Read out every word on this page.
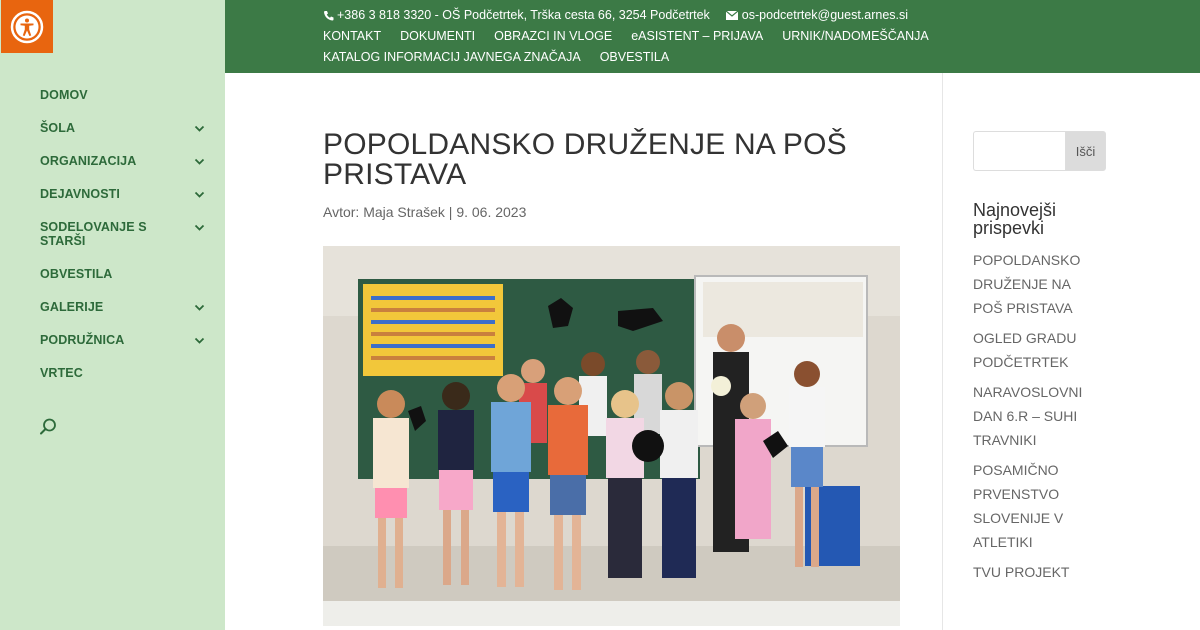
DOMOV
ŠOLA
ORGANIZACIJA
DEJAVNOSTI
SODELOVANJE S STARŠI
OBVESTILA
GALERIJE
PODRUŽNICA
VRTEC
+386 3 818 3320 - OŠ Podčetrtek, Trška cesta 66, 3254 Podčetrtek	os-podcetrtek@guest.arnes.si
KONTAKT DOKUMENTI OBRAZCI IN VLOGE eASISTENT – PRIJAVA URNIK/NADOMEŠČANJA
KATALOG INFORMACIJ JAVNEGA ZNAČAJA OBVESTILA
POPOLDANSKO DRUŽENJE NA POŠ PRISTAVA
Avtor: Maja Strašek | 9. 06. 2023
Išči
Najnovejši prispevki
POPOLDANSKO DRUŽENJE NA POŠ PRISTAVA
OGLED GRADU PODČETRTEK
NARAVOSLOVNI DAN 6.R – SUHI TRAVNIKI
POSAMIČNO PRVENSTVO SLOVENIJE V ATLETIKI
TVU PROJEKT
